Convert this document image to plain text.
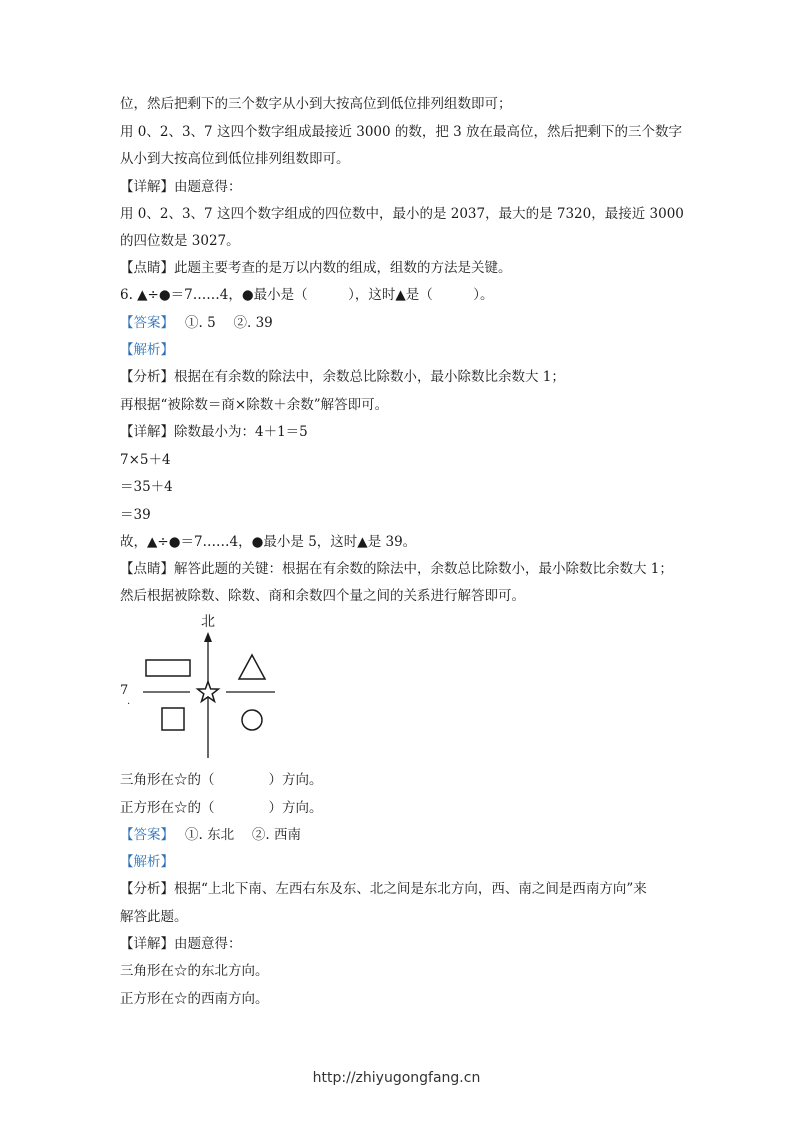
位，然后把剩下的三个数字从小到大按高位到低位排列组数即可；
用 0、2、3、7 这四个数字组成最接近 3000 的数，把 3 放在最高位，然后把剩下的三个数字
从小到大按高位到低位排列组数即可。
【详解】由题意得：
用 0、2、3、7 这四个数字组成的四位数中，最小的是 2037，最大的是 7320，最接近 3000
的四位数是 3027。
【点睛】此题主要考查的是万以内数的组成，组数的方法是关键。
6. ▲÷●＝7……4，●最小是（　　　），这时▲是（　　　）。
【答案】　 ①. 5　 ②. 39
【解析】
【分析】根据在有余数的除法中，余数总比除数小，最小除数比余数大 1；
再根据“被除数＝商×除数＋余数”解答即可。
【详解】除数最小为：4＋1＝5
7×5＋4
＝35＋4
＝39
故，▲÷●＝7……4，●最小是 5，这时▲是 39。
【点睛】解答此题的关键：根据在有余数的除法中，余数总比除数小，最小除数比余数大 1；
然后根据被除数、除数、商和余数四个量之间的关系进行解答即可。
北
7
.
三角形在☆的（　　　　）方向。
正方形在☆的（　　　　）方向。
【答案】　 ①. 东北　 ②. 西南
【解析】
【分析】根据“上北下南、左西右东及东、北之间是东北方向，西、南之间是西南方向”来
解答此题。
【详解】由题意得：
三角形在☆的东北方向。
正方形在☆的西南方向。
http://zhiyugongfang.cn
